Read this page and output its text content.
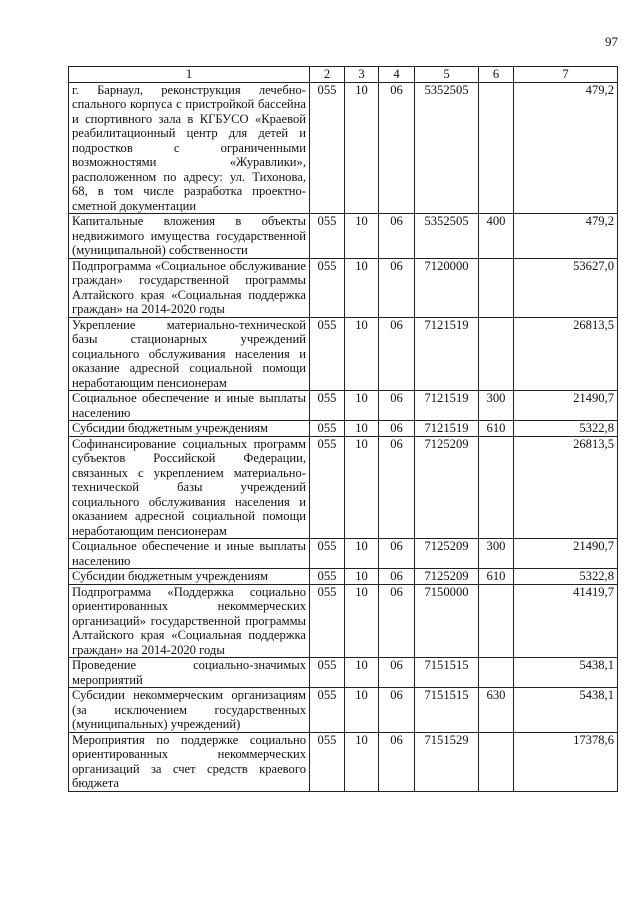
97
1	2	3	4	5	6	7
г. Барнаул, реконструкция лечебно-спального корпуса с пристройкой бассейна и спортивного зала в КГБУСО «Краевой реабилитационный центр для детей и подростков с ограниченными возможностями «Журавлики», расположенном по адресу: ул. Тихонова, 68, в том числе разработка проектно-сметной документации	055	10	06	5352505		479,2
Капитальные вложения в объекты недвижимого имущества государственной (муниципальной) собственности	055	10	06	5352505	400	479,2
Подпрограмма «Социальное обслуживание граждан» государственной программы Алтайского края «Социальная поддержка граждан» на 2014-2020 годы	055	10	06	7120000		53627,0
Укрепление материально-технической базы стационарных учреждений социального обслуживания населения и оказание адресной социальной помощи неработающим пенсионерам	055	10	06	7121519		26813,5
Социальное обеспечение и иные выплаты населению	055	10	06	7121519	300	21490,7
Субсидии бюджетным учреждениям	055	10	06	7121519	610	5322,8
Софинансирование социальных программ субъектов Российской Федерации, связанных с укреплением материально-технической базы учреждений социального обслуживания населения и оказанием адресной социальной помощи неработающим пенсионерам	055	10	06	7125209		26813,5
Социальное обеспечение и иные выплаты населению	055	10	06	7125209	300	21490,7
Субсидии бюджетным учреждениям	055	10	06	7125209	610	5322,8
Подпрограмма «Поддержка социально ориентированных некоммерческих организаций» государственной программы Алтайского края «Социальная поддержка граждан» на 2014-2020 годы	055	10	06	7150000		41419,7
Проведение социально-значимых мероприятий	055	10	06	7151515		5438,1
Субсидии некоммерческим организациям (за исключением государственных (муниципальных) учреждений)	055	10	06	7151515	630	5438,1
Мероприятия по поддержке социально ориентированных некоммерческих организаций за счет средств краевого бюджета	055	10	06	7151529		17378,6
